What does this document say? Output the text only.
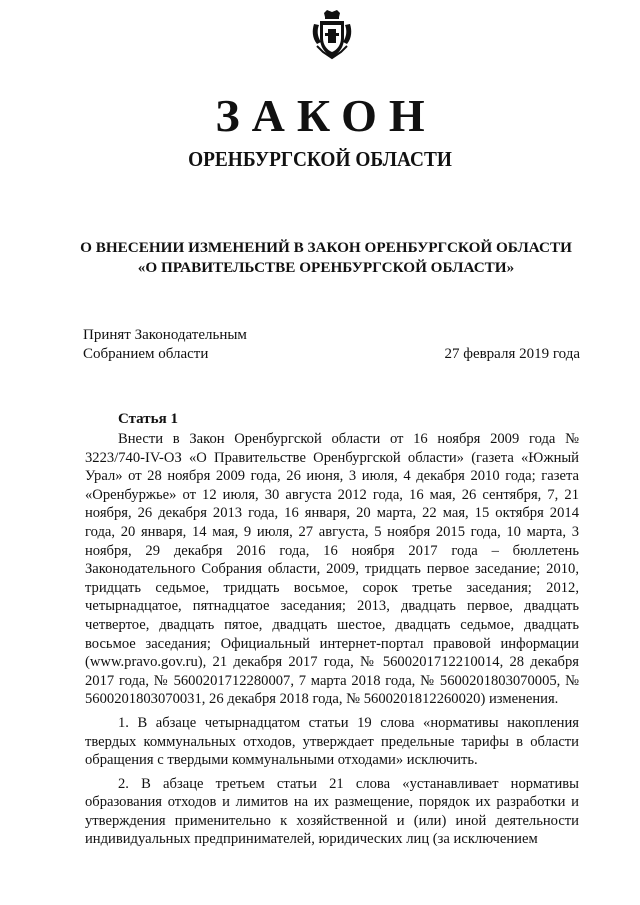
ЗАКОН
ОРЕНБУРГСКОЙ ОБЛАСТИ
О ВНЕСЕНИИ ИЗМЕНЕНИЙ В ЗАКОН ОРЕНБУРГСКОЙ ОБЛАСТИ
«О ПРАВИТЕЛЬСТВЕ ОРЕНБУРГСКОЙ ОБЛАСТИ»
Принят Законодательным
Собранием области	27 февраля 2019 года
Статья 1

Внести в Закон Оренбургской области от 16 ноября 2009 года № 3223/740-IV-ОЗ «О Правительстве Оренбургской области» (газета «Южный Урал» от 28 ноября 2009 года, 26 июня, 3 июля, 4 декабря 2010 года; газета «Оренбуржье» от 12 июля, 30 августа 2012 года, 16 мая, 26 сентября, 7, 21 ноября, 26 декабря 2013 года, 16 января, 20 марта, 22 мая, 15 октября 2014 года, 20 января, 14 мая, 9 июля, 27 августа, 5 ноября 2015 года, 10 марта, 3 ноября, 29 декабря 2016 года, 16 ноября 2017 года – бюллетень Законодательного Собрания области, 2009, тридцать первое заседание; 2010, тридцать седьмое, тридцать восьмое, сорок третье заседания; 2012, четырнадцатое, пятнадцатое заседания; 2013, двадцать первое, двадцать четвертое, двадцать пятое, двадцать шестое, двадцать седьмое, двадцать восьмое заседания; Официальный интернет-портал правовой информации (www.pravo.gov.ru), 21 декабря 2017 года, № 5600201712210014, 28 декабря 2017 года, № 5600201712280007, 7 марта 2018 года, № 5600201803070005, № 5600201803070031, 26 декабря 2018 года, № 5600201812260020) изменения.

1. В абзаце четырнадцатом статьи 19 слова «нормативы накопления твердых коммунальных отходов, утверждает предельные тарифы в области обращения с твердыми коммунальными отходами» исключить.

2. В абзаце третьем статьи 21 слова «устанавливает нормативы образования отходов и лимитов на их размещение, порядок их разработки и утверждения применительно к хозяйственной и (или) иной деятельности индивидуальных предпринимателей, юридических лиц (за исключением
